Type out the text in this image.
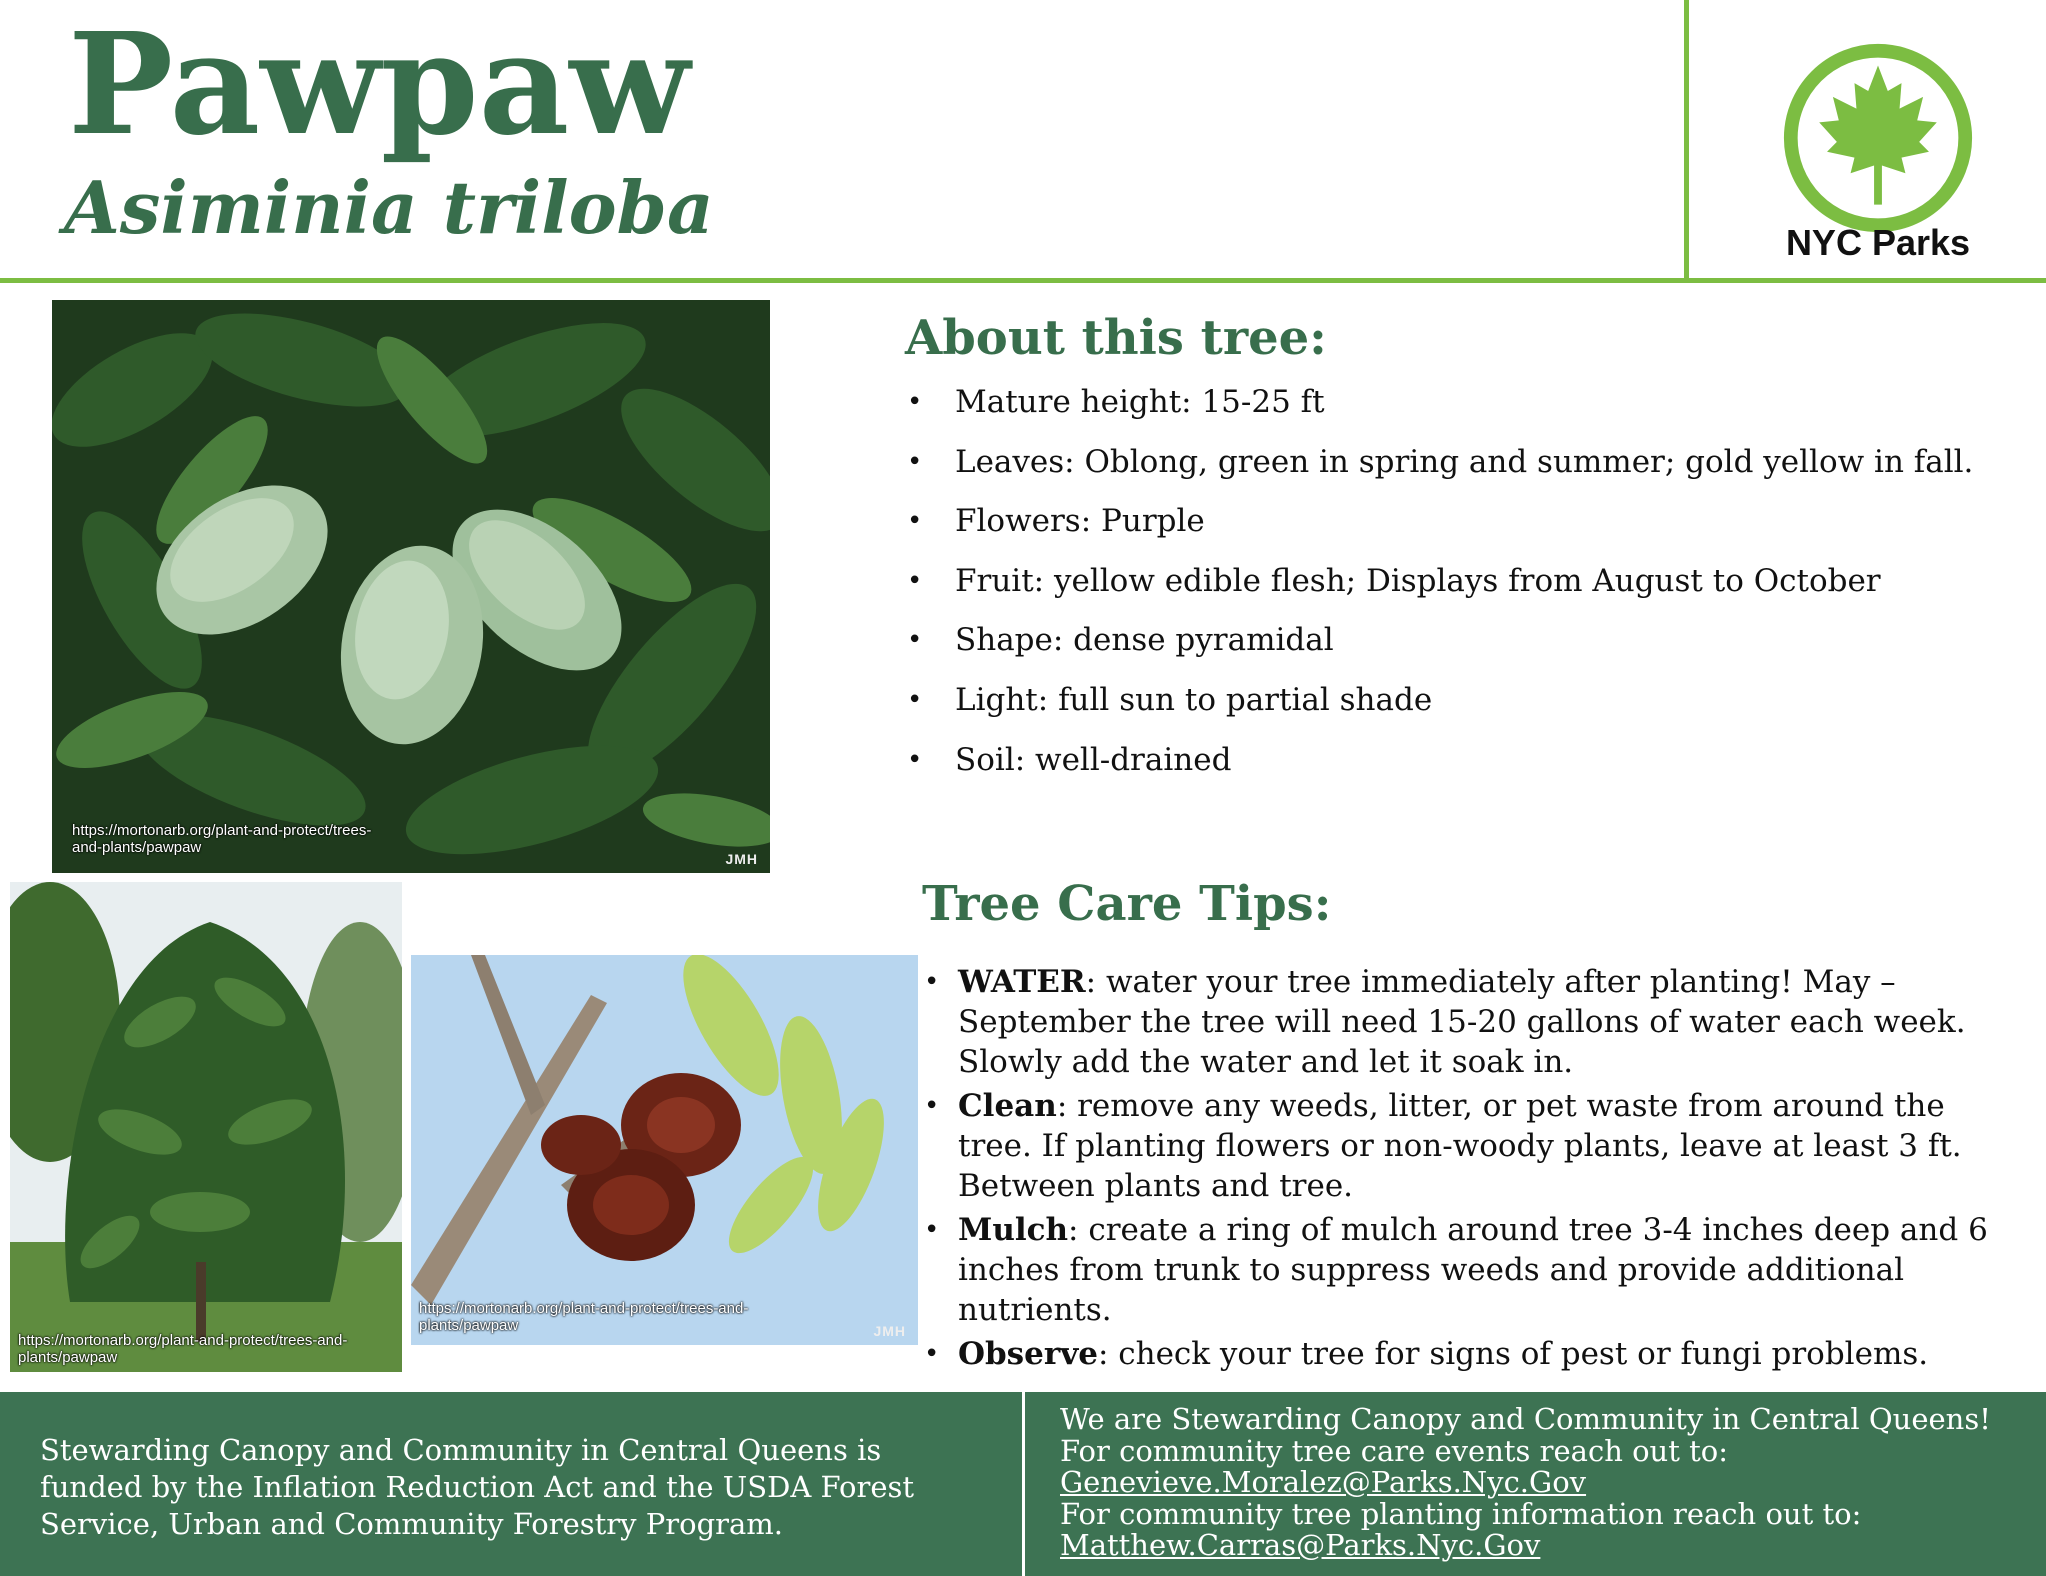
Pawpaw
Asiminia triloba	NYC Parks
https://mortonarb.org/plant-and-protect/trees-and-plants/pawpaw
JMH
https://mortonarb.org/plant-and-protect/trees-and-plants/pawpaw
https://mortonarb.org/plant-and-protect/trees-and-plants/pawpaw	JMH
About this tree:
• Mature height: 15-25 ft
• Leaves: Oblong, green in spring and summer; gold yellow in fall.
• Flowers: Purple
• Fruit: yellow edible flesh; Displays from August to October
• Shape: dense pyramidal
• Light: full sun to partial shade
• Soil: well-drained
Tree Care Tips:
• WATER: water your tree immediately after planting! May – September the tree will need 15-20 gallons of water each week. Slowly add the water and let it soak in.
• Clean: remove any weeds, litter, or pet waste from around the tree. If planting flowers or non-woody plants, leave at least 3 ft. Between plants and tree.
• Mulch: create a ring of mulch around tree 3-4 inches deep and 6 inches from trunk to suppress weeds and provide additional nutrients.
• Observe: check your tree for signs of pest or fungi problems.
Stewarding Canopy and Community in Central Queens is funded by the Inflation Reduction Act and the USDA Forest Service, Urban and Community Forestry Program.
We are Stewarding Canopy and Community in Central Queens!
For community tree care events reach out to:
Genevieve.Moralez@Parks.Nyc.Gov
For community tree planting information reach out to:
Matthew.Carras@Parks.Nyc.Gov
